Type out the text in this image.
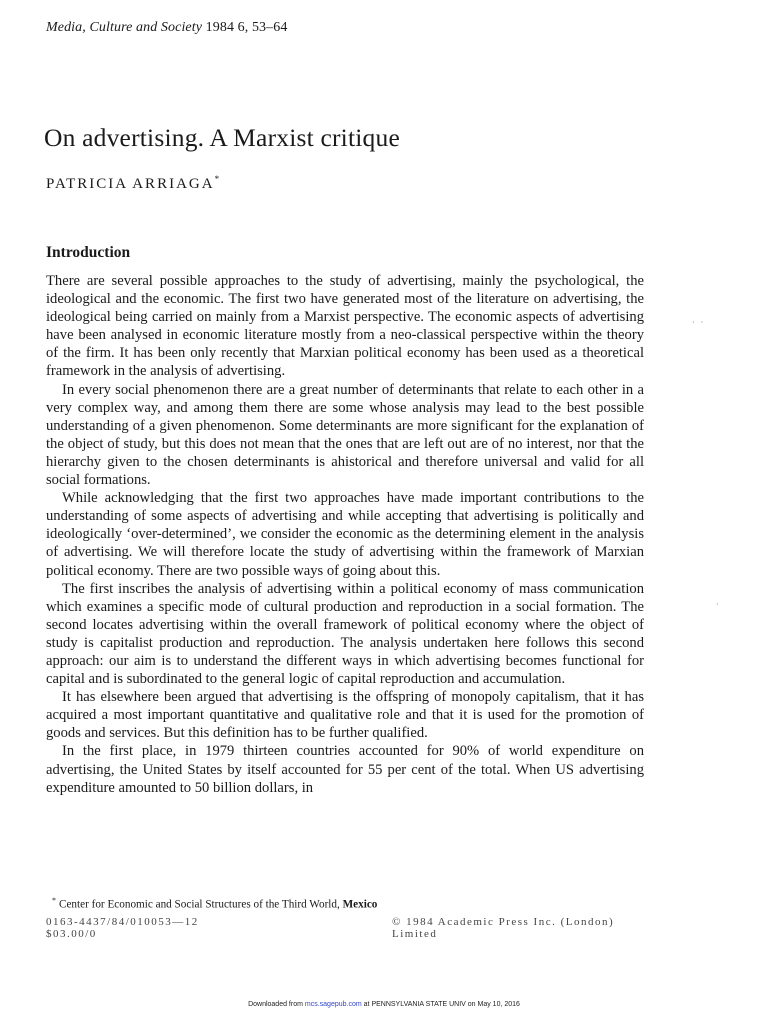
Media, Culture and Society 1984 6, 53–64
On advertising. A Marxist critique
PATRICIA ARRIAGA*
Introduction

There are several possible approaches to the study of advertising, mainly the psychological, the ideological and the economic. The first two have generated most of the literature on advertising, the ideological being carried on mainly from a Marxist perspective. The economic aspects of advertising have been analysed in economic literature mostly from a neo-classical perspective within the theory of the firm. It has been only recently that Marxian political economy has been used as a theoretical framework in the analysis of advertising.

In every social phenomenon there are a great number of determinants that relate to each other in a very complex way, and among them there are some whose analysis may lead to the best possible understanding of a given phenomenon. Some determinants are more significant for the explanation of the object of study, but this does not mean that the ones that are left out are of no interest, nor that the hierarchy given to the chosen determinants is ahistorical and therefore universal and valid for all social formations.

While acknowledging that the first two approaches have made important contributions to the understanding of some aspects of advertising and while accepting that advertising is politically and ideologically ‘over-determined’, we consider the economic as the determining element in the analysis of advertising. We will therefore locate the study of advertising within the framework of Marxian political economy. There are two possible ways of going about this.

The first inscribes the analysis of advertising within a political economy of mass communication which examines a specific mode of cultural production and reproduction in a social formation. The second locates advertising within the overall framework of political economy where the object of study is capitalist production and reproduction. The analysis undertaken here follows this second approach: our aim is to understand the different ways in which advertising becomes functional for capital and is subordinated to the general logic of capital reproduction and accumulation.

It has elsewhere been argued that advertising is the offspring of monopoly capitalism, that it has acquired a most important quantitative and qualitative role and that it is used for the promotion of goods and services. But this definition has to be further qualified.

In the first place, in 1979 thirteen countries accounted for 90% of world expenditure on advertising, the United States by itself accounted for 55 per cent of the total. When US advertising expenditure amounted to 50 billion dollars, in

* Center for Economic and Social Structures of the Third World, Mexico
0163-4437/84/010053—12 $03.00/0
© 1984 Academic Press Inc. (London) Limited
Downloaded from mcs.sagepub.com at PENNSYLVANIA STATE UNIV on May 10, 2016
· ·
·
